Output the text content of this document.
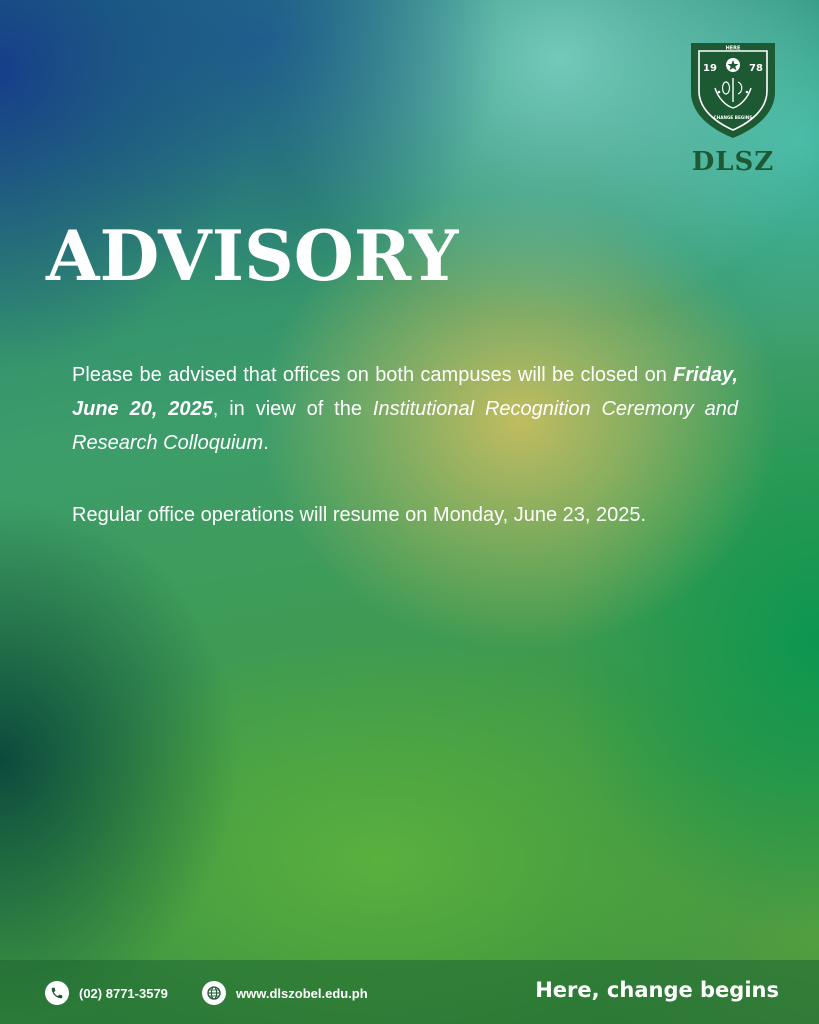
HERE
19	78
CHANGE BEGINS
DLSZ
ADVISORY

Please be advised that offices on both campuses will be closed on Friday, June 20, 2025, in view of the Institutional Recognition Ceremony and Research Colloquium.

Regular office operations will resume on Monday, June 23, 2025.

(02) 8771-3579	www.dlszobel.edu.ph	Here, change begins
